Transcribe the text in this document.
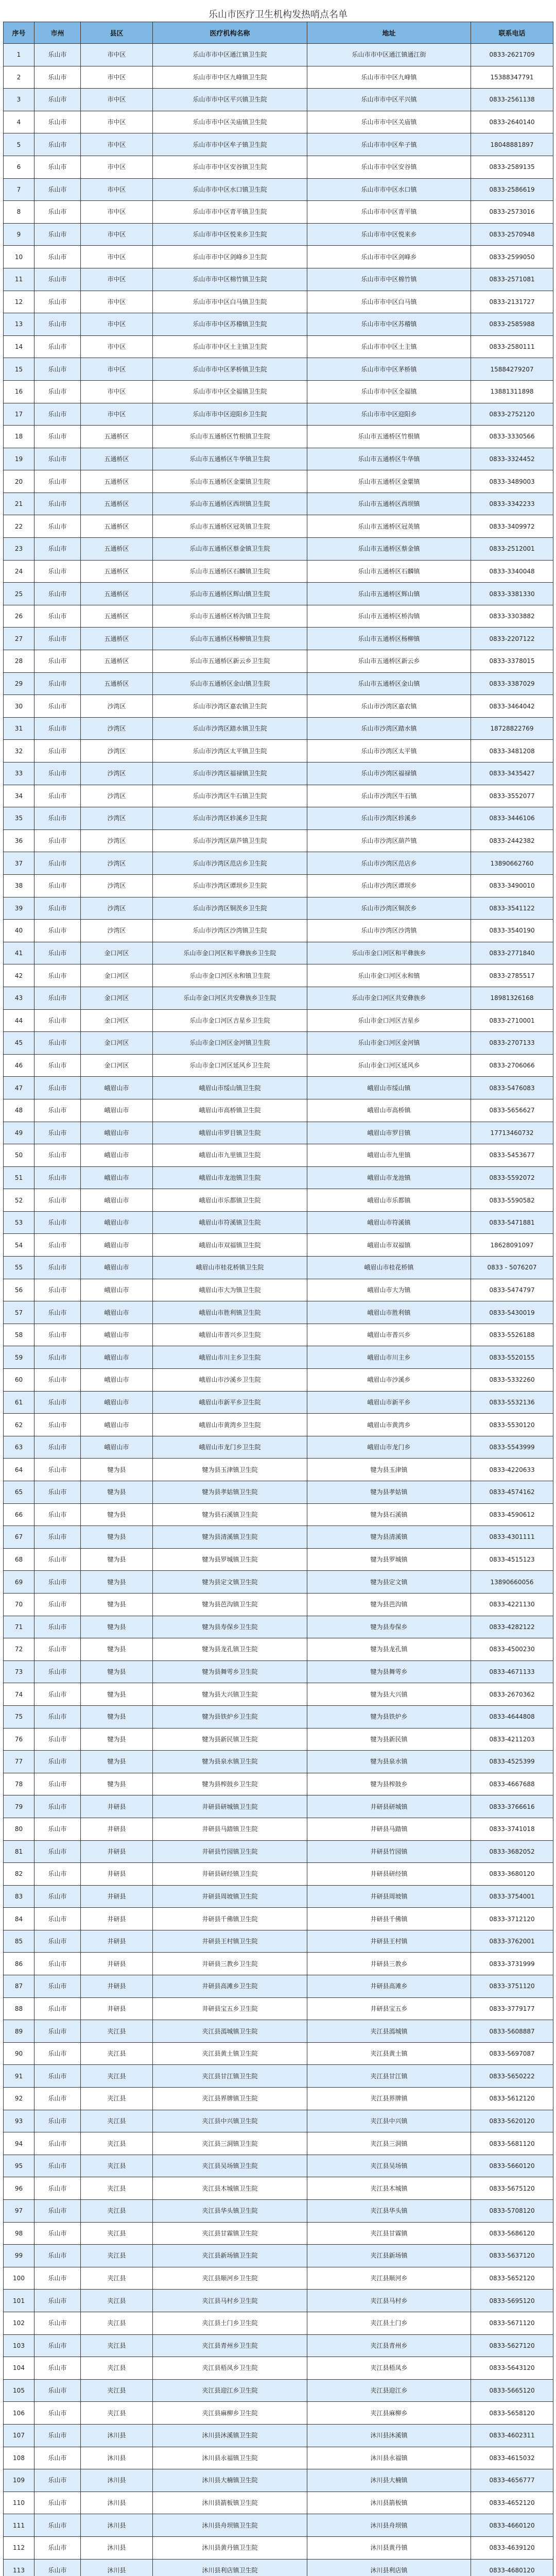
乐山市医疗卫生机构发热哨点名单
序号	市州	县区	医疗机构名称	地址	联系电话
1	乐山市	市中区	乐山市市中区通江镇卫生院	乐山市市中区通江镇通江街	0833-2621709
2	乐山市	市中区	乐山市市中区九峰镇卫生院	乐山市市中区九峰镇	15388347791
3	乐山市	市中区	乐山市市中区平兴镇卫生院	乐山市市中区平兴镇	0833-2561138
4	乐山市	市中区	乐山市市中区关庙镇卫生院	乐山市市中区关庙镇	0833-2640140
5	乐山市	市中区	乐山市市中区牟子镇卫生院	乐山市市中区牟子镇	18048881897
6	乐山市	市中区	乐山市市中区安谷镇卫生院	乐山市市中区安谷镇	0833-2589135
7	乐山市	市中区	乐山市市中区水口镇卫生院	乐山市市中区水口镇	0833-2586619
8	乐山市	市中区	乐山市市中区青平镇卫生院	乐山市市中区青平镇	0833-2573016
9	乐山市	市中区	乐山市市中区悦来乡卫生院	乐山市市中区悦来乡	0833-2570948
10	乐山市	市中区	乐山市市中区剑峰乡卫生院	乐山市市中区剑峰乡	0833-2599050
11	乐山市	市中区	乐山市市中区棉竹镇卫生院	乐山市市中区棉竹镇	0833-2571081
12	乐山市	市中区	乐山市市中区白马镇卫生院	乐山市市中区白马镇	0833-2131727
13	乐山市	市中区	乐山市市中区苏稽镇卫生院	乐山市市中区苏稽镇	0833-2585988
14	乐山市	市中区	乐山市市中区土主镇卫生院	乐山市市中区土主镇	0833-2580111
15	乐山市	市中区	乐山市市中区茅桥镇卫生院	乐山市市中区茅桥镇	15884279207
16	乐山市	市中区	乐山市市中区全福镇卫生院	乐山市市中区全福镇	13881311898
17	乐山市	市中区	乐山市市中区迎阳乡卫生院	乐山市市中区迎阳乡	0833-2752120
18	乐山市	五通桥区	乐山市五通桥区竹根镇卫生院	乐山市五通桥区竹根镇	0833-3330566
19	乐山市	五通桥区	乐山市五通桥区牛华镇卫生院	乐山市五通桥区牛华镇	0833-3324452
20	乐山市	五通桥区	乐山市五通桥区金粟镇卫生院	乐山市五通桥区金粟镇	0833-3489003
21	乐山市	五通桥区	乐山市五通桥区西坝镇卫生院	乐山市五通桥区西坝镇	0833-3342233
22	乐山市	五通桥区	乐山市五通桥区冠英镇卫生院	乐山市五通桥区冠英镇	0833-3409972
23	乐山市	五通桥区	乐山市五通桥区蔡金镇卫生院	乐山市五通桥区蔡金镇	0833-2512001
24	乐山市	五通桥区	乐山市五通桥区石麟镇卫生院	乐山市五通桥区石麟镇	0833-3340048
25	乐山市	五通桥区	乐山市五通桥区辉山镇卫生院	乐山市五通桥区辉山镇	0833-3381330
26	乐山市	五通桥区	乐山市五通桥区桥沟镇卫生院	乐山市五通桥区桥沟镇	0833-3303882
27	乐山市	五通桥区	乐山市五通桥区杨柳镇卫生院	乐山市五通桥区杨柳镇	0833-2207122
28	乐山市	五通桥区	乐山市五通桥区新云乡卫生院	乐山市五通桥区新云乡	0833-3378015
29	乐山市	五通桥区	乐山市五通桥区金山镇卫生院	乐山市五通桥区金山镇	0833-3387029
30	乐山市	沙湾区	乐山市沙湾区嘉农镇卫生院	乐山市沙湾区嘉农镇	0833-3464042
31	乐山市	沙湾区	乐山市沙湾区踏水镇卫生院	乐山市沙湾区踏水镇	18728822769
32	乐山市	沙湾区	乐山市沙湾区太平镇卫生院	乐山市沙湾区太平镇	0833-3481208
33	乐山市	沙湾区	乐山市沙湾区福禄镇卫生院	乐山市沙湾区福禄镇	0833-3435427
34	乐山市	沙湾区	乐山市沙湾区牛石镇卫生院	乐山市沙湾区牛石镇	0833-3552077
35	乐山市	沙湾区	乐山市沙湾区轸溪乡卫生院	乐山市沙湾区轸溪乡	0833-3446106
36	乐山市	沙湾区	乐山市沙湾区葫芦镇卫生院	乐山市沙湾区葫芦镇	0833-2442382
37	乐山市	沙湾区	乐山市沙湾区范店乡卫生院	乐山市沙湾区范店乡	13890662760
38	乐山市	沙湾区	乐山市沙湾区谭坝乡卫生院	乐山市沙湾区谭坝乡	0833-3490010
39	乐山市	沙湾区	乐山市沙湾区铜茨乡卫生院	乐山市沙湾区铜茨乡	0833-3541122
40	乐山市	沙湾区	乐山市沙湾区沙湾镇卫生院	乐山市沙湾区沙湾镇	0833-3540190
41	乐山市	金口河区	乐山市金口河区和平彝族乡卫生院	乐山市金口河区和平彝族乡	0833-2771840
42	乐山市	金口河区	乐山市金口河区永和镇卫生院	乐山市金口河区永和镇	0833-2785517
43	乐山市	金口河区	乐山市金口河区共安彝族乡卫生院	乐山市金口河区共安彝族乡	18981326168
44	乐山市	金口河区	乐山市金口河区吉星乡卫生院	乐山市金口河区吉星乡	0833-2710001
45	乐山市	金口河区	乐山市金口河区金河镇卫生院	乐山市金口河区金河镇	0833-2707133
46	乐山市	金口河区	乐山市金口河区延风乡卫生院	乐山市金口河区延风乡	0833-2706066
47	乐山市	峨眉山市	峨眉山市绥山镇卫生院	峨眉山市绥山镇	0833-5476083
48	乐山市	峨眉山市	峨眉山市高桥镇卫生院	峨眉山市高桥镇	0833-5656627
49	乐山市	峨眉山市	峨眉山市罗目镇卫生院	峨眉山市罗目镇	17713460732
50	乐山市	峨眉山市	峨眉山市九里镇卫生院	峨眉山市九里镇	0833-5453677
51	乐山市	峨眉山市	峨眉山市龙池镇卫生院	峨眉山市龙池镇	0833-5592072
52	乐山市	峨眉山市	峨眉山市乐都镇卫生院	峨眉山市乐都镇	0833-5590582
53	乐山市	峨眉山市	峨眉山市符溪镇卫生院	峨眉山市符溪镇	0833-5471881
54	乐山市	峨眉山市	峨眉山市双福镇卫生院	峨眉山市双福镇	18628091097
55	乐山市	峨眉山市	峨眉山市桂花桥镇卫生院	峨眉山市桂花桥镇	0833 - 5076207
56	乐山市	峨眉山市	峨眉山市大为镇卫生院	峨眉山市大为镇	0833-5474797
57	乐山市	峨眉山市	峨眉山市胜利镇卫生院	峨眉山市胜利镇	0833-5430019
58	乐山市	峨眉山市	峨眉山市普兴乡卫生院	峨眉山市普兴乡	0833-5526188
59	乐山市	峨眉山市	峨眉山市川主乡卫生院	峨眉山市川主乡	0833-5520155
60	乐山市	峨眉山市	峨眉山市沙溪乡卫生院	峨眉山市沙溪乡	0833-5332260
61	乐山市	峨眉山市	峨眉山市新平乡卫生院	峨眉山市新平乡	0833-5532136
62	乐山市	峨眉山市	峨眉山市黄湾乡卫生院	峨眉山市黄湾乡	0833-5530120
63	乐山市	峨眉山市	峨眉山市龙门乡卫生院	峨眉山市龙门乡	0833-5543999
64	乐山市	犍为县	犍为县玉津镇卫生院	犍为县玉津镇	0833-4220633
65	乐山市	犍为县	犍为县孝姑镇卫生院	犍为县孝姑镇	0833-4574162
66	乐山市	犍为县	犍为县石溪镇卫生院	犍为县石溪镇	0833-4590612
67	乐山市	犍为县	犍为县清溪镇卫生院	犍为县清溪镇	0833-4301111
68	乐山市	犍为县	犍为县罗城镇卫生院	犍为县罗城镇	0833-4515123
69	乐山市	犍为县	犍为县定文镇卫生院	犍为县定文镇	13890660056
70	乐山市	犍为县	犍为县芭沟镇卫生院	犍为县芭沟镇	0833-4221130
71	乐山市	犍为县	犍为县寿保乡卫生院	犍为县寿保乡	0833-4282122
72	乐山市	犍为县	犍为县龙孔镇卫生院	犍为县龙孔镇	0833-4500230
73	乐山市	犍为县	犍为县舞雩乡卫生院	犍为县舞雩乡	0833-4671133
74	乐山市	犍为县	犍为县大兴镇卫生院	犍为县大兴镇	0833-2670362
75	乐山市	犍为县	犍为县铁炉乡卫生院	犍为县铁炉乡	0833-4644808
76	乐山市	犍为县	犍为县新民镇卫生院	犍为县新民镇	0833-4211203
77	乐山市	犍为县	犍为县泉水镇卫生院	犍为县泉水镇	0833-4525399
78	乐山市	犍为县	犍为县榨鼓乡卫生院	犍为县榨鼓乡	0833-4667688
79	乐山市	井研县	井研县研城镇卫生院	井研县研城镇	0833-3766616
80	乐山市	井研县	井研县马踏镇卫生院	井研县马踏镇	0833-3741018
81	乐山市	井研县	井研县竹园镇卫生院	井研县竹园镇	0833-3682052
82	乐山市	井研县	井研县研经镇卫生院	井研县研经镇	0833-3680120
83	乐山市	井研县	井研县周坡镇卫生院	井研县周坡镇	0833-3754001
84	乐山市	井研县	井研县千佛镇卫生院	井研县千佛镇	0833-3712120
85	乐山市	井研县	井研县王村镇卫生院	井研县王村镇	0833-3762001
86	乐山市	井研县	井研县三教乡卫生院	井研县三教乡	0833-3731999
87	乐山市	井研县	井研县高滩乡卫生院	井研县高滩乡	0833-3751120
88	乐山市	井研县	井研县宝五乡卫生院	井研县宝五乡	0833-3779177
89	乐山市	夹江县	夹江县漹城镇卫生院	夹江县漹城镇	0833-5608887
90	乐山市	夹江县	夹江县黄土镇卫生院	夹江县黄土镇	0833-5697087
91	乐山市	夹江县	夹江县甘江镇卫生院	夹江县甘江镇	0833-5650222
92	乐山市	夹江县	夹江县界牌镇卫生院	夹江县界牌镇	0833-5612120
93	乐山市	夹江县	夹江县中兴镇卫生院	夹江县中兴镇	0833-5620120
94	乐山市	夹江县	夹江县三洞镇卫生院	夹江县三洞镇	0833-5681120
95	乐山市	夹江县	夹江县吴场镇卫生院	夹江县吴场镇	0833-5660120
96	乐山市	夹江县	夹江县木城镇卫生院	夹江县木城镇	0833-5675120
97	乐山市	夹江县	夹江县华头镇卫生院	夹江县华头镇	0833-5708120
98	乐山市	夹江县	夹江县甘霖镇卫生院	夹江县甘霖镇	0833-5686120
99	乐山市	夹江县	夹江县新场镇卫生院	夹江县新场镇	0833-5637120
100	乐山市	夹江县	夹江县顺河乡卫生院	夹江县顺河乡	0833-5652120
101	乐山市	夹江县	夹江县马村乡卫生院	夹江县马村乡	0833-5695120
102	乐山市	夹江县	夹江县土门乡卫生院	夹江县土门乡	0833-5671120
103	乐山市	夹江县	夹江县青州乡卫生院	夹江县青州乡	0833-5627120
104	乐山市	夹江县	夹江县梧凤乡卫生院	夹江县梧凤乡	0833-5643120
105	乐山市	夹江县	夹江县迎江乡卫生院	夹江县迎江乡	0833-5665120
106	乐山市	夹江县	夹江县麻柳乡卫生院	夹江县麻柳乡	0833-5658120
107	乐山市	沐川县	沐川县沐溪镇卫生院	沐川县沐溪镇	0833-4602311
108	乐山市	沐川县	沐川县永福镇卫生院	沐川县永福镇	0833-4615032
109	乐山市	沐川县	沐川县大楠镇卫生院	沐川县大楠镇	0833-4656777
110	乐山市	沐川县	沐川县箭板镇卫生院	沐川县箭板镇	0833-4652120
111	乐山市	沐川县	沐川县舟坝镇卫生院	沐川县舟坝镇	0833-4660120
112	乐山市	沐川县	沐川县黄丹镇卫生院	沐川县黄丹镇	0833-4639120
113	乐山市	沐川县	沐川县利店镇卫生院	沐川县利店镇	0833-4680120
